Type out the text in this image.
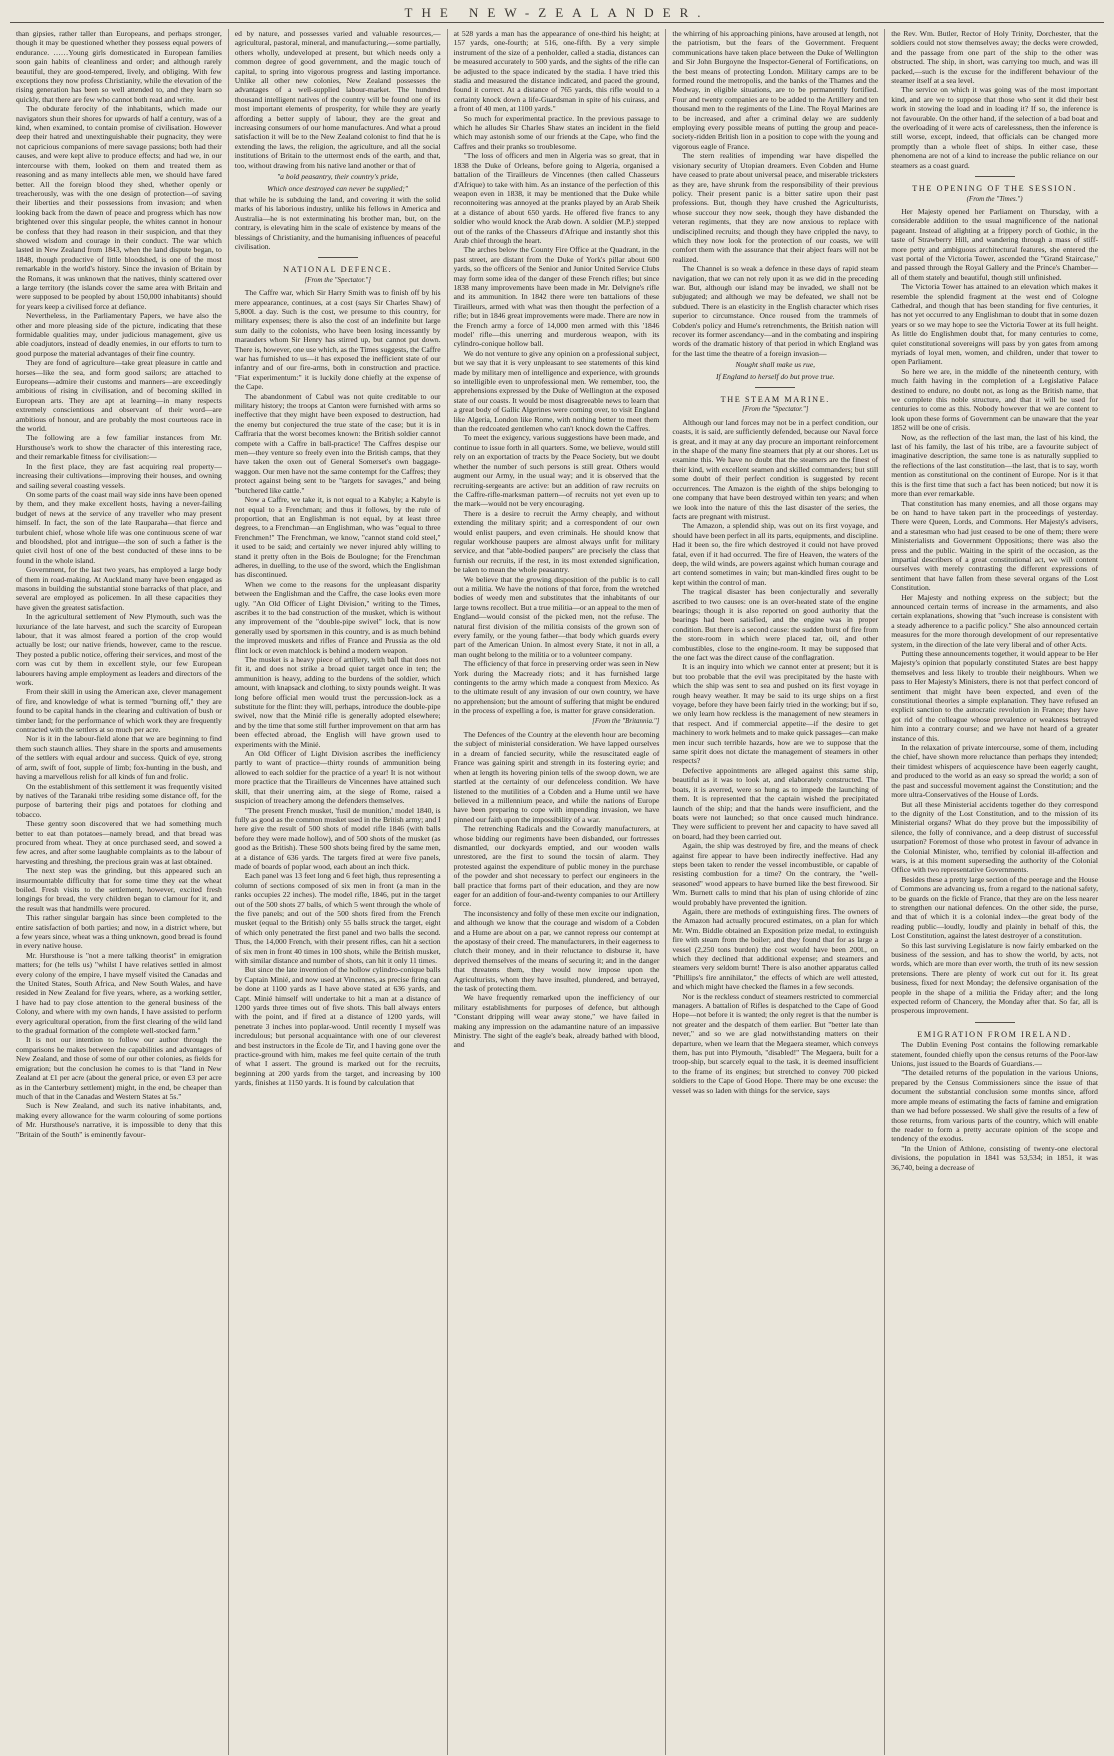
THE NEW-ZEALANDER.

than gipsies, rather taller than Europeans, and perhaps stronger, though it may be questioned whether they possess equal powers of endurance. ……Young girls domesticated in European families soon gain habits of cleanliness and order; and although rarely beautiful, they are good-tempered, lively, and obliging. With few exceptions they now profess Christianity, while the elevation of the rising generation has been so well attended to, and they learn so quickly, that there are few who cannot both read and write.

The obdurate ferocity of the inhabitants, which made our navigators shun their shores for upwards of half a century, was of a kind, when examined, to contain promise of civilisation. However deep their hatred and unextinguishable their pugnacity, they were not capricious companions of mere savage passions; both had their causes, and were kept alive to produce effects; and had we, in our intercourse with them, looked on them and treated them as reasoning and as many intellects able men, we should have fared better. All the foreign blood they shed, whether openly or treacherously, was with the one design of protection—of saving their liberties and their possessions from invasion; and when looking back from the dawn of peace and progress which has now brightened over this singular people, the whites cannot in honour be confess that they had reason in their suspicion, and that they showed wisdom and courage in their conduct. The war which lasted in New Zealand from 1843, when the land dispute began, to 1848, though productive of little bloodshed, is one of the most remarkable in the world's history. Since the invasion of Britain by the Romans, it was unknown that the natives, thinly scattered over a large territory (the islands cover the same area with Britain and were supposed to be peopled by about 150,000 inhabitants) should for years keep a civilised force at defiance.

Nevertheless, in the Parliamentary Papers, we have also the other and more pleasing side of the picture, indicating that these formidable qualities may, under judicious management, give us able coadjutors, instead of deadly enemies, in our efforts to turn to good purpose the material advantages of their fine country.

They are fond of agriculture—take great pleasure in cattle and horses—like the sea, and form good sailors; are attached to Europeans—admire their customs and manners—are exceedingly ambitious of rising in civilisation, and of becoming skilled in European arts. They are apt at learning—in many respects extremely conscientious and observant of their word—are ambitious of honour, and are probably the most courteous race in the world.

The following are a few familiar instances from Mr. Hursthouse's work to show the character of this interesting race, and their remarkable fitness for civilisation:—

In the first place, they are fast acquiring real property—increasing their cultivations—improving their houses, and owning and sailing several coasting vessels.

On some parts of the coast mail way side inns have been opened by them, and they make excellent hosts, having a never-failing budget of news at the service of any traveller who may present himself. In fact, the son of the late Rauparaha—that fierce and turbulent chief, whose whole life was one continuous scene of war and bloodshed, plot and intrigue—the son of such a father is the quiet civil host of one of the best conducted of these inns to be found in the whole island.

Government, for the last two years, has employed a large body of them in road-making. At Auckland many have been engaged as masons in building the substantial stone barracks of that place, and several are employed as policemen. In all these capacities they have given the greatest satisfaction.

In the agricultural settlement of New Plymouth, such was the luxuriance of the late harvest, and such the scarcity of European labour, that it was almost feared a portion of the crop would actually be lost; our native friends, however, came to the rescue. They posted a public notice, offering their services, and most of the corn was cut by them in excellent style, our few European labourers having ample employment as leaders and directors of the work.

From their skill in using the American axe, clever management of fire, and knowledge of what is termed "burning off," they are found to be capital hands in the clearing and cultivation of bush or timber land; for the performance of which work they are frequently contracted with the settlers at so much per acre.

Nor is it in the labour-field alone that we are beginning to find them such staunch allies. They share in the sports and amusements of the settlers with equal ardour and success. Quick of eye, strong of arm, swift of foot, supple of limb; fox-hunting in the bush, and having a marvellous relish for all kinds of fun and frolic.

On the establishment of this settlement it was frequently visited by natives of the Taranaki tribe residing some distance off, for the purpose of bartering their pigs and potatoes for clothing and tobacco.

These gentry soon discovered that we had something much better to eat than potatoes—namely bread, and that bread was procured from wheat. They at once purchased seed, and sowed a few acres, and after some laughable complaints as to the labour of harvesting and threshing, the precious grain was at last obtained.

The next step was the grinding, but this appeared such an insurmountable difficulty that for some time they eat the wheat boiled. Fresh visits to the settlement, however, excited fresh longings for bread, the very children began to clamour for it, and the result was that handmills were procured.

This rather singular bargain has since been completed to the entire satisfaction of both parties; and now, in a district where, but a few years since, wheat was a thing unknown, good bread is found in every native house.

Mr. Hursthouse is "not a mere talking theorist" in emigration matters; for (he tells us) "whilst I have relatives settled in almost every colony of the empire, I have myself visited the Canadas and the United States, South Africa, and New South Wales, and have resided in New Zealand for five years, where, as a working settler, I have had to pay close attention to the general business of the Colony, and where with my own hands, I have assisted to perform every agricultural operation, from the first clearing of the wild land to the gradual formation of the complete well-stocked farm."

It is not our intention to follow our author through the comparisons he makes between the capabilities and advantages of New Zealand, and those of some of our other colonies, as fields for emigration; but the conclusion he comes to is that "land in New Zealand at £1 per acre (about the general price, or even £3 per acre as in the Canterbury settlement) might, in the end, be cheaper than much of that in the Canadas and Western States at 5s."

Such is New Zealand, and such its native inhabitants, and, making every allowance for the warm colouring of some portions of Mr. Hursthouse's narrative, it is impossible to deny that this "Britain of the South" is eminently favour-

ed by nature, and possesses varied and valuable resources,—agricultural, pastoral, mineral, and manufacturing,—some partially, others wholly, undeveloped at present, but which needs only a common degree of good government, and the magic touch of capital, to spring into vigorous progress and lasting importance. Unlike all other new colonies, New Zealand possesses the advantages of a well-supplied labour-market. The hundred thousand intelligent natives of the country will be found one of its most important elements of prosperity, for while they are yearly affording a better supply of labour, they are the great and increasing consumers of our home manufactures. And what a proud satisfaction it will be to the New Zealand colonist to find that he is extending the laws, the religion, the agriculture, and all the social institutions of Britain to the uttermost ends of the earth, and that, too, without drawing from his native land another or that of

"a bold peasantry, their country's pride,
Which once destroyed can never be supplied;"

that while he is subduing the land, and covering it with the solid marks of his laborious industry, unlike his fellows in America and Australia—he is not exterminating his brother man, but, on the contrary, is elevating him in the scale of existence by means of the blessings of Christianity, and the humanising influences of peaceful civilisation.

NATIONAL DEFENCE.
[From the "Spectator."]

The Caffre war, which Sir Harry Smith was to finish off by his mere appearance, continues, at a cost (says Sir Charles Shaw) of 5,800l. a day. Such is the cost, we presume to this country, for military expenses; there is also the cost of an indefinite but large sum daily to the colonists, who have been losing incessantly by marauders whom Sir Henry has stirred up, but cannot put down. There is, however, one use which, as the Times suggests, the Caffre war has furnished to us—it has exposed the inefficient state of our infantry and of our fire-arms, both in construction and practice. "Fiat experimentum:" it is luckily done chiefly at the expense of the Cape.

The abandonment of Cabul was not quite creditable to our military history; the troops at Canton were furnished with arms so ineffective that they might have been exposed to destruction, had the enemy but conjectured the true state of the case; but it is in Caffraria that the worst becomes known: the British soldier cannot compete with a Caffre in ball-practice! The Caffres despise our men—they venture so freely even into the British camps, that they have taken the oxen out of General Somerset's own baggage-waggon. Our men have not the same contempt for the Caffres; they protect against being sent to be "targets for savages," and being "butchered like cattle."

Now a Caffre, we take it, is not equal to a Kabyle; a Kabyle is not equal to a Frenchman; and thus it follows, by the rule of proportion, that an Englishman is not equal, by at least three degrees, to a Frenchman—an Englishman, who was "equal to three Frenchmen!" The Frenchman, we know, "cannot stand cold steel," it used to be said; and certainly we never injured ably willing to stand it pretty often in the Bois de Boulogne; for the Frenchman adheres, in duelling, to the use of the sword, which the Englishman has discontinued.

When we come to the reasons for the unpleasant disparity between the Englishman and the Caffre, the case looks even more ugly. "An Old Officer of Light Division," writing to the Times, ascribes it to the bad construction of the musket, which is without any improvement of the "double-pipe swivel" lock, that is now generally used by sportsmen in this country, and is as much behind the improved muskets and rifles of France and Prussia as the old flint lock or even matchlock is behind a modern weapon.

The musket is a heavy piece of artillery, with ball that does not fit it, and does not strike a broad quiet target once in ten; the ammunition is heavy, adding to the burdens of the soldier, which amount, with knapsack and clothing, to sixty pounds weight. It was long before official men would trust the percussion-lock as a substitute for the flint: they will, perhaps, introduce the double-pipe swivel, now that the Minié rifle is generally adopted elsewhere; and by the time that some still further improvement on that arm has been effected abroad, the English will have grown used to experiments with the Minié.

An Old Officer of Light Division ascribes the inefficiency partly to want of practice—thirty rounds of ammunition being allowed to each soldier for the practice of a year! It is not without more practice that the Tirailleurs de Vincennes have attained such skill, that their unerring aim, at the siege of Rome, raised a suspicion of treachery among the defenders themselves.

"The present French musket, 'fusil de munition,' model 1840, is fully as good as the common musket used in the British army; and I here give the result of 500 shots of model rifle 1846 (with balls before they were made hollow), and of 500 shots of the musket (as good as the British). These 500 shots being fired by the same men, at a distance of 636 yards. The targets fired at were five panels, made of boards of poplar wood, each about an inch thick.

Each panel was 13 feet long and 6 feet high, thus representing a column of sections composed of six men in front (a man in the ranks occupies 22 inches). The model rifle, 1846, put in the target out of the 500 shots 27 balls, of which 5 went through the whole of the five panels; and out of the 500 shots fired from the French musket (equal to the British) only 55 balls struck the target, eight of which only penetrated the first panel and two balls the second. Thus, the 14,000 French, with their present rifles, can hit a section of six men in front 40 times in 100 shots, while the British musket, with similar distance and number of shots, can hit it only 11 times.

But since the late invention of the hollow cylindro-conique balls by Captain Minié, and now used at Vincennes, as precise firing can be done at 1100 yards as I have above stated at 636 yards, and Capt. Minié himself will undertake to hit a man at a distance of 1200 yards three times out of five shots. This ball always enters with the point, and if fired at a distance of 1200 yards, will penetrate 3 inches into poplar-wood. Until recently I myself was incredulous; but personal acquaintance with one of our cleverest and best instructors in the École de Tir, and I having gone over the practice-ground with him, makes me feel quite certain of the truth of what I assert. The ground is marked out for the recruits, beginning at 200 yards from the target, and increasing by 100 yards, finishes at 1150 yards. It is found by calculation that

at 528 yards a man has the appearance of one-third his height; at 157 yards, one-fourth; at 516, one-fifth. By a very simple instrument of the size of a penholder, called a stadia, distances can be measured accurately to 500 yards, and the sights of the rifle can be adjusted to the space indicated by the stadia. I have tried this stadia and measured the distance indicated, and paced the ground, found it correct. At a distance of 765 yards, this rifle would to a certainty knock down a life-Guardsman in spite of his cuirass, and a front of 40 men, at 1100 yards."

So much for experimental practice. In the previous passage to which he alludes Sir Charles Shaw states an incident in the field which may astonish some of our friends at the Cape, who find the Caffres and their pranks so troublesome.

"The loss of officers and men in Algeria was so great, that in 1838 the Duke of Orleans, before going to Algeria, organised a battalion of the Tirailleurs de Vincennes (then called Chasseurs d'Afrique) to take with him. As an instance of the perfection of this weapon even in 1838, it may be mentioned that the Duke while reconnoitering was annoyed at the pranks played by an Arab Sheik at a distance of about 650 yards. He offered five francs to any soldier who would knock the Arab down. A soldier (M.P.) stepped out of the ranks of the Chasseurs d'Afrique and instantly shot this Arab chief through the heart.

The arches below the County Fire Office at the Quadrant, in the past street, are distant from the Duke of York's pillar about 600 yards, so the officers of the Senior and Junior United Service Clubs may form some idea of the danger of these French rifles; but since 1838 many improvements have been made in Mr. Delvigne's rifle and its ammunition. In 1842 there were ten battalions of these Tirailleurs, armed with what was then thought the perfection of a rifle; but in 1846 great improvements were made. There are now in the French army a force of 14,000 men armed with this '1846 model' rifle—this unerring and murderous weapon, with its cylindro-conique hollow ball.

We do not venture to give any opinion on a professional subject, but we say that it is very unpleasant to see statements of this kind made by military men of intelligence and experience, with grounds so intelligible even to unprofessional men. We remember, too, the apprehensions expressed by the Duke of Wellington at the exposed state of our coasts. It would be most disagreeable news to learn that a great body of Gallic Algerines were coming over, to visit England like Algeria, London like Rome, with nothing better to meet them than the redcoated gentlemen who can't knock down the Caffres.

To meet the exigency, various suggestions have been made, and continue to issue forth in all quarters. Some, we believe, would still rely on an exportation of tracts by the Peace Society, but we doubt whether the number of such persons is still great. Others would augment our Army, in the usual way; and it is observed that the recruiting-sergeants are active: but an addition of raw recruits on the Caffre-rifle-marksman pattern—of recruits not yet even up to the mark—would not be very encouraging.

There is a desire to recruit the Army cheaply, and without extending the military spirit; and a correspondent of our own would enlist paupers, and even criminals. He should know that regular workhouse paupers are almost always unfit for military service, and that "able-bodied paupers" are precisely the class that furnish our recruits, if the rest, in its most extended signification, be taken to mean the whole peasantry.

We believe that the growing disposition of the public is to call out a militia. We have the notions of that force, from the wretched bodies of weedy men and substitutes that the inhabitants of our large towns recollect. But a true militia—or an appeal to the men of England—would consist of the picked men, not the refuse. The natural first division of the militia consists of the grown son of every family, or the young father—that body which guards every part of the American Union. In almost every State, it not in all, a man ought belong to the militia or to a volunteer company.

The efficiency of that force in preserving order was seen in New York during the Macready riots; and it has furnished large contingents to the army which made a conquest from Mexico. As to the ultimate result of any invasion of our own country, we have no apprehension; but the amount of suffering that might be endured in the process of expelling a foe, is matter for grave consideration.

[From the "Britannia."]

The Defences of the Country at the eleventh hour are becoming the subject of ministerial consideration. We have lapped ourselves in a dream of fancied security, while the resuscitated eagle of France was gaining spirit and strength in its fostering eyrie; and when at length its hovering pinion tells of the swoop down, we are startled at the certainty of our defenceless condition. We have listened to the mutilities of a Cobden and a Hume until we have believed in a millennium peace, and while the nations of Europe have been preparing to cope with impending invasion, we have pinned our faith upon the impossibility of a war.

The retrenching Radicals and the Cowardly manufacturers, at whose bidding our regiments have been disbanded, our fortresses dismantled, our dockyards emptied, and our wooden walls unrestored, are the first to sound the tocsin of alarm. They protested against the expenditure of public money in the purchase of the powder and shot necessary to perfect our engineers in the ball practice that forms part of their education, and they are now eager for an addition of four-and-twenty companies to our Artillery force.

The inconsistency and folly of these men excite our indignation, and although we know that the courage and wisdom of a Cobden and a Hume are about on a par, we cannot repress our contempt at the apostasy of their creed. The manufacturers, in their eagerness to clutch their money, and in their reluctance to disburse it, have deprived themselves of the means of securing it; and in the danger that threatens them, they would now impose upon the Agriculturists, whom they have insulted, plundered, and betrayed, the task of protecting them.

We have frequently remarked upon the inefficiency of our military establishments for purposes of defence, but although "Constant dripping will wear away stone," we have failed in making any impression on the adamantine nature of an impassive Ministry. The sight of the eagle's beak, already bathed with blood, and

the whirring of his approaching pinions, have aroused at length, not the patriotism, but the fears of the Government. Frequent communications have taken place between the Duke of Wellington and Sir John Burgoyne the Inspector-General of Fortifications, on the best means of protecting London. Military camps are to be formed round the metropolis, and the banks of the Thames and the Medway, in eligible situations, are to be permanently fortified. Four and twenty companies are to be added to the Artillery and ten thousand men to the regiments of the Line. The Royal Marines are to be increased, and after a criminal delay we are suddenly employing every possible means of putting the group and peace-society-ridden British lion in a position to cope with the young and vigorous eagle of France.

The stern realities of impending war have dispelled the visionary security of Utopian dreamers. Even Cobden and Hume have ceased to prate about universal peace, and miserable tricksters as they are, have shrunk from the responsibility of their previous policy. Their present panic is a bitter satire upon their past professions. But, though they have crushed the Agriculturists, whose succour they now seek, though they have disbanded the veteran regiments, that they are now anxious to replace with undisciplined recruits; and though they have crippled the navy, to which they now look for the protection of our coasts, we will comfort them with the assurance that their abject fears will not be realized.

The Channel is so weak a defence in these days of rapid steam navigation, that we can not rely upon it as we did in the preceding war. But, although our island may be invaded, we shall not be subjugated; and although we may be defeated, we shall not be subdued. There is an elasticity in the English character which rises superior to circumstance. Once roused from the trammels of Cobden's policy and Hume's retrenchments, the British nation will recover its former ascendancy—and in the combating and inspiring words of the dramatic history of that period in which England was for the last time the theatre of a foreign invasion—

Nought shall make us rue,
If England to herself do but prove true.
THE STEAM MARINE.
[From the "Spectator."]

Although our land forces may not be in a perfect condition, our coasts, it is said, are sufficiently defended, because our Naval force is great, and it may at any day procure an important reinforcement in the shape of the many fine steamers that ply at our shores. Let us examine this. We have no doubt that the steamers are the finest of their kind, with excellent seamen and skilled commanders; but still some doubt of their perfect condition is suggested by recent occurrences. The Amazon is the eighth of the ships belonging to one company that have been destroyed within ten years; and when we look into the nature of this the last disaster of the series, the facts are pregnant with mistrust.

The Amazon, a splendid ship, was out on its first voyage, and should have been perfect in all its parts, equipments, and discipline. Had it been so, the fire which destroyed it could not have proved fatal, even if it had occurred. The fire of Heaven, the waters of the deep, the wild winds, are powers against which human courage and art contend sometimes in vain; but man-kindled fires ought to be kept within the control of man.

The tragical disaster has been conjecturally and severally ascribed to two causes: one is an over-heated state of the engine bearings; though it is also reported on good authority that the bearings had been satisfied, and the engine was in proper condition. But there is a second cause: the sudden burst of fire from the store-room in which were placed tar, oil, and other combustibles, close to the engine-room. It may be supposed that the one fact was the direct cause of the conflagration.

It is an inquiry into which we cannot enter at present; but it is but too probable that the evil was precipitated by the haste with which the ship was sent to sea and pushed on its first voyage in rough heavy weather. It may be said to its urge ships on a first voyage, before they have been fairly tried in the working; but if so, we only learn how reckless is the management of new steamers in that respect. And if commercial appetite—if the desire to get machinery to work helmets and to make quick passages—can make men incur such terrible hazards, how are we to suppose that the same spirit does not dictate the management of steamers in other respects?

Defective appointments are alleged against this same ship, beautiful as it was to look at, and elaborately constructed. The boats, it is averred, were so hung as to impede the launching of them. It is represented that the captain wished the precipitated launch of the ship; and that the hands were insufficient, and the boats were not launched; so that once caused much hindrance. They were sufficient to prevent her and capacity to have saved all on board, had they been carried out.

Again, the ship was destroyed by fire, and the means of check against fire appear to have been indirectly ineffective. Had any steps been taken to render the vessel incombustible, or capable of resisting combustion for a time? On the contrary, the "well-seasoned" wood appears to have burned like the best firewood. Sir Wm. Burnett calls to mind that his plan of using chloride of zinc would probably have prevented the ignition.

Again, there are methods of extinguishing fires. The owners of the Amazon had actually procured estimates, on a plan for which Mr. Wm. Biddle obtained an Exposition prize medal, to extinguish fire with steam from the boiler; and they found that for as large a vessel (2,250 tons burden) the cost would have been 200l., on which they declined that additional expense; and steamers and steamers very seldom burnt! There is also another apparatus called "Phillips's fire annihilator," the effects of which are well attested, and which might have checked the flames in a few seconds.

Nor is the reckless conduct of steamers restricted to commercial managers. A battalion of Rifles is despatched to the Cape of Good Hope—not before it is wanted; the only regret is that the number is not greater and the despatch of them earlier. But "better late than never," and so we are glad notwithstanding matters on their departure, when we learn that the Megaera steamer, which conveys them, has put into Plymouth, "disabled!" The Megaera, built for a troop-ship, but scarcely equal to the task, it is deemed insufficient to the frame of its engines; but stretched to convey 700 picked soldiers to the Cape of Good Hope. There may be one excuse: the vessel was so laden with things for the service, says

the Rev. Wm. Butler, Rector of Holy Trinity, Dorchester, that the soldiers could not stow themselves away; the decks were crowded, and the passage from one part of the ship to the other was obstructed. The ship, in short, was carrying too much, and was ill packed,—such is the excuse for the indifferent behaviour of the steamer itself at a sea level.

The service on which it was going was of the most important kind, and are we to suppose that those who sent it did their best work in stowing the load and in loading it? If so, the inference is not favourable. On the other hand, if the selection of a bad boat and the overloading of it were acts of carelessness, then the inference is still worse, except, indeed, that officials can be changed more promptly than a whole fleet of ships. In either case, these phenomena are not of a kind to increase the public reliance on our steamers as a coast guard.

THE OPENING OF THE SESSION.
(From the "Times.")

Her Majesty opened her Parliament on Thursday, with a considerable addition to the usual magnificence of the national pageant. Instead of alighting at a frippery porch of Gothic, in the taste of Strawberry Hill, and wandering through a mass of stiff-more petty and ambiguous architectural features, she entered the vast portal of the Victoria Tower, ascended the "Grand Staircase," and passed through the Royal Gallery and the Prince's Chamber—all of them stately and beautiful, though still unfinished.

The Victoria Tower has attained to an elevation which makes it resemble the splendid fragment at the west end of Cologne Cathedral, and though that has been standing for five centuries, it has not yet occurred to any Englishman to doubt that in some dozen years or so we may hope to see the Victoria Tower at its full height. As little do Englishmen doubt that, for many centuries to come, quiet constitutional sovereigns will pass by yon gates from among myriads of loyal men, women, and children, under that tower to open Parliament.

So here we are, in the middle of the nineteenth century, with much faith having in the completion of a Legislative Palace destined to endure, no doubt not, as long as the British name, that we complete this noble structure, and that it will be used for centuries to come as this. Nobody however that we are content to look upon these forms of Government can be unaware that the year 1852 will be one of crisis.

Now, as the reflection of the last man, the last of his kind, the last of his family, the last of his tribe, are a favourite subject of imaginative description, the same tone is as naturally supplied to the reflections of the last constitution—the last, that is to say, worth mention as constitutional on the continent of Europe. Nor is it that this is the first time that such a fact has been noticed; but now it is more than ever remarkable.

That constitution has many enemies, and all those organs may be on hand to have taken part in the proceedings of yesterday. There were Queen, Lords, and Commons. Her Majesty's advisers, and a statesman who had just ceased to be one of them; there were Ministerialists and Government Oppositions; there was also the press and the public. Waiting in the spirit of the occasion, as the impartial describers of a great constitutional act, we will content ourselves with merely contrasting the different expressions of sentiment that have fallen from these several organs of the Lost Constitution.

Her Majesty and nothing express on the subject; but the announced certain terms of increase in the armaments, and also certain explanations, showing that "such increase is consistent with a steady adherence to a pacific policy." She also announced certain measures for the more thorough development of our representative system, in the direction of the late very liberal and of other Acts.

Putting these announcements together, it would appear to be Her Majesty's opinion that popularly constituted States are best happy themselves and less likely to trouble their neighbours. When we pass to Her Majesty's Ministers, there is not that perfect concord of sentiment that might have been expected, and even of the constitutional theories a simple explanation. They have refused an explicit sanction to the autocratic revolution in France; they have got rid of the colleague whose prevalence or weakness betrayed him into a contrary course; and we have not heard of a greater instance of this.

In the relaxation of private intercourse, some of them, including the chief, have shown more reluctance than perhaps they intended; their timidest whispers of acquiescence have been eagerly caught, and produced to the world as an easy so spread the world; a son of the past and successful movement against the Constitution; and the more ultra-Conservatives of the House of Lords.

But all these Ministerial accidents together do they correspond to the dignity of the Lost Constitution, and to the mission of its Ministerial organs? What do they prove but the impossibility of silence, the folly of connivance, and a deep distrust of successful usurpation? Foremost of those who protest in favour of advance in the Colonial Minister, who, terrified by colonial ill-affection and wars, is at this moment superseding the authority of the Colonial Office with two representative Governments.

Besides these a pretty large section of the peerage and the House of Commons are advancing us, from a regard to the national safety, to be guards on the fickle of France, that they are on the less nearer to strengthen our national defences. On the other side, the purse, and that of which it is a colonial index—the great body of the reading public—loudly, loudly and plainly in behalf of this, the Lost Constitution, against the latest destroyer of a constitution.

So this last surviving Legislature is now fairly embarked on the business of the session, and has to show the world, by acts, not words, which are more than ever worth, the truth of its new session pretensions. There are plenty of work cut out for it. Its great business, fixed for next Monday; the defensive organisation of the people in the shape of a militia the Friday after; and the long expected reform of Chancery, the Monday after that. So far, all is prosperous improvement.

EMIGRATION FROM IRELAND.

The Dublin Evening Post contains the following remarkable statement, founded chiefly upon the census returns of the Poor-law Unions, just issued to the Boards of Guardians.—

"The detailed returns of the population in the various Unions, prepared by the Census Commissioners since the issue of that document the substantial conclusion some months since, afford more ample means of estimating the facts of famine and emigration than we had before possessed. We shall give the results of a few of those returns, from various parts of the country, which will enable the reader to form a pretty accurate opinion of the scope and tendency of the exodus.

"In the Union of Athlone, consisting of twenty-one electoral divisions, the population in 1841 was 53,534; in 1851, it was 36,740, being a decrease of
